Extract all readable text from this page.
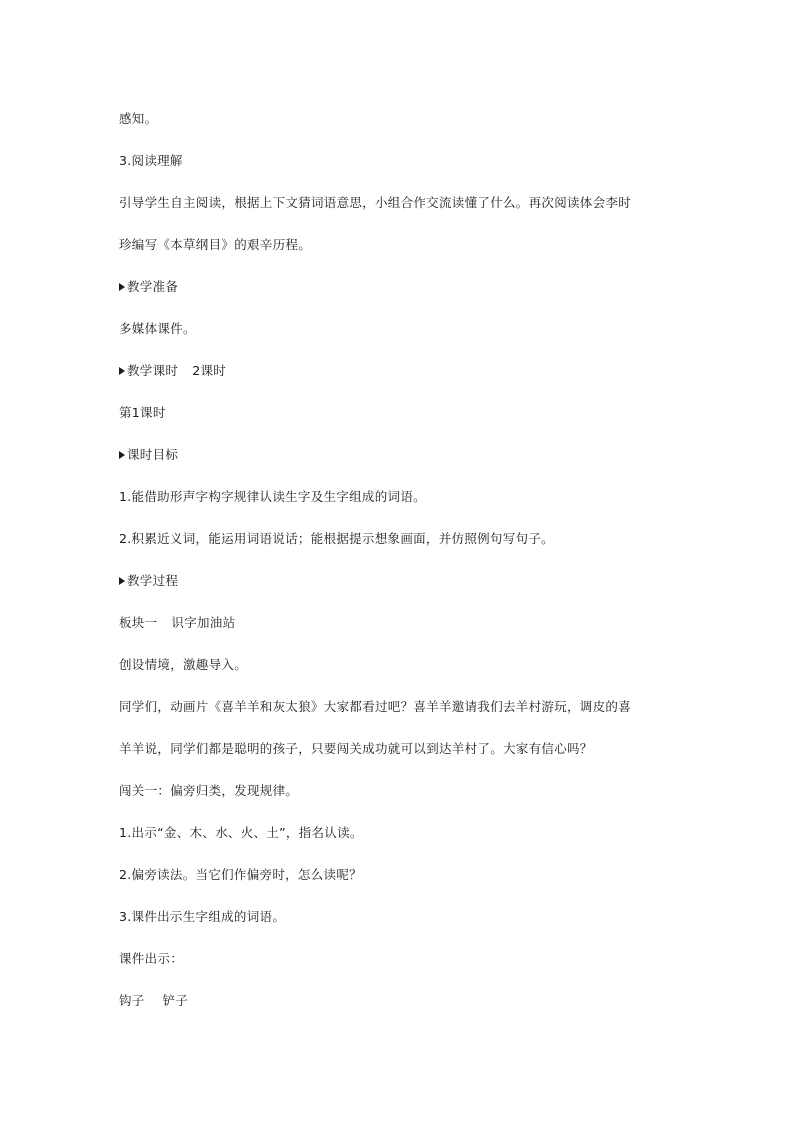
感知。
3.阅读理解
引导学生自主阅读，根据上下文猜词语意思，小组合作交流读懂了什么。再次阅读体会李时
珍编写《本草纲目》的艰辛历程。
教学准备
多媒体课件。
教学课时 2课时
第1课时
课时目标
1.能借助形声字构字规律认读生字及生字组成的词语。
2.积累近义词，能运用词语说话；能根据提示想象画面，并仿照例句写句子。
教学过程
板块一 识字加油站
创设情境，激趣导入。
同学们，动画片《喜羊羊和灰太狼》大家都看过吧？喜羊羊邀请我们去羊村游玩，调皮的喜
羊羊说，同学们都是聪明的孩子，只要闯关成功就可以到达羊村了。大家有信心吗？
闯关一：偏旁归类，发现规律。
1.出示“金、木、水、火、土”，指名认读。
2.偏旁读法。当它们作偏旁时，怎么读呢？
3.课件出示生字组成的词语。
课件出示：
钩子 铲子
